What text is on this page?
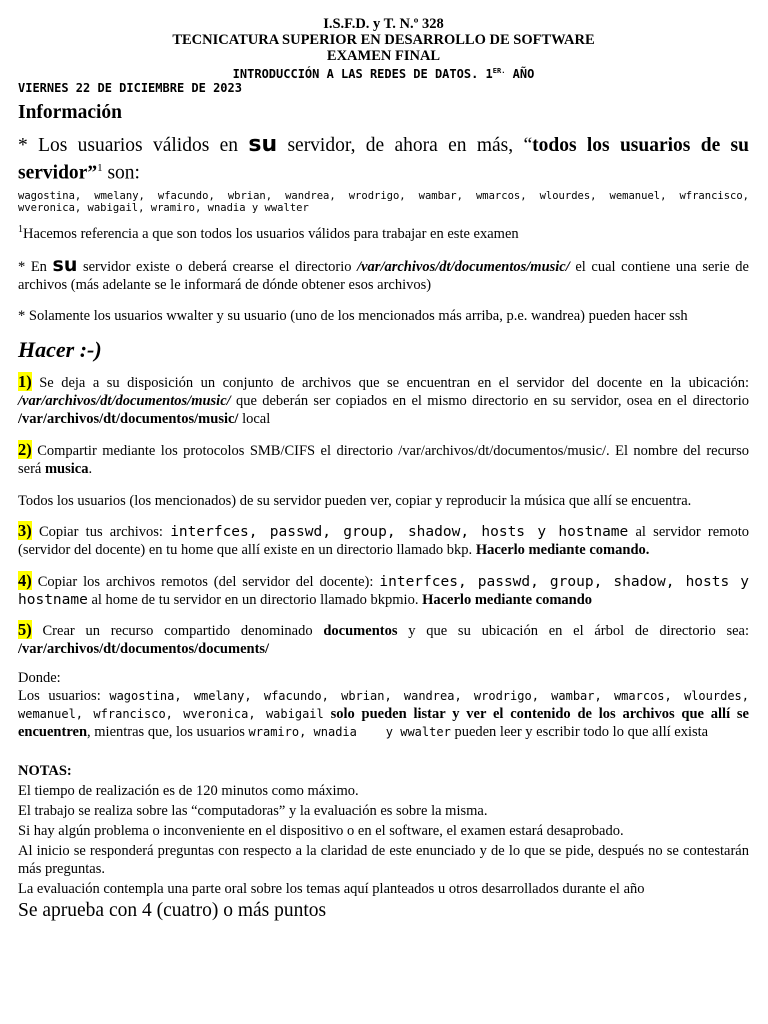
I.S.F.D. y T. N.º 328
TECNICATURA SUPERIOR EN DESARROLLO DE SOFTWARE
EXAMEN FINAL
INTRODUCCIÓN A LAS REDES DE DATOS. $1^{ER.}$ AÑO
VIERNES 22 DE DICIEMBRE DE 2023
Información

* Los usuarios válidos en su servidor, de ahora en más, “todos los usuarios de su servidor”$^1$ son:

wagostina, wmelany, wfacundo, wbrian, wandrea, wrodrigo, wambar, wmarcos, wlourdes, wemanuel, wfrancisco, wveronica, wabigail, wramiro, wnadia y wwalter

$^1$Hacemos referencia a que son todos los usuarios válidos para trabajar en este examen

* En su servidor existe o deberá crearse el directorio /var/archivos/dt/documentos/music/ el cual contiene una serie de archivos (más adelante se le informará de dónde obtener esos archivos)

* Solamente los usuarios wwalter y su usuario (uno de los mencionados más arriba, p.e. wandrea) pueden hacer ssh

Hacer :-)

1) Se deja a su disposición un conjunto de archivos que se encuentran en el servidor del docente en la ubicación: /var/archivos/dt/documentos/music/ que deberán ser copiados en el mismo directorio en su servidor, osea en el directorio /var/archivos/dt/documentos/music/ local

2) Compartir mediante los protocolos SMB/CIFS el directorio /var/archivos/dt/documentos/music/. El nombre del recurso será musica.

Todos los usuarios (los mencionados) de su servidor pueden ver, copiar y reproducir la música que allí se encuentra.

3) Copiar tus archivos: interfces, passwd, group, shadow, hosts y hostname al servidor remoto (servidor del docente) en tu home que allí existe en un directorio llamado bkp. Hacerlo mediante comando.

4) Copiar los archivos remotos (del servidor del docente): interfces, passwd, group, shadow, hosts y hostname al home de tu servidor en un directorio llamado bkpmio. Hacerlo mediante comando

5) Crear un recurso compartido denominado documentos y que su ubicación en el árbol de directorio sea: /var/archivos/dt/documentos/documents/

Donde:

Los usuarios: wagostina, wmelany, wfacundo, wbrian, wandrea, wrodrigo, wambar, wmarcos, wlourdes, wemanuel, wfrancisco, wveronica, wabigail solo pueden listar y ver el contenido de los archivos que allí se encuentren, mientras que, los usuarios wramiro, wnadia    y wwalter pueden leer y escribir todo lo que allí exista

NOTAS:

El tiempo de realización es de 120 minutos como máximo.

El trabajo se realiza sobre las “computadoras” y la evaluación es sobre la misma.

Si hay algún problema o inconveniente en el dispositivo o en el software, el examen estará desaprobado.

Al inicio se responderá preguntas con respecto a la claridad de este enunciado y de lo que se pide, después no se contestarán más preguntas.

La evaluación contempla una parte oral sobre los temas aquí planteados u otros desarrollados durante el año

Se aprueba con 4 (cuatro) o más puntos
